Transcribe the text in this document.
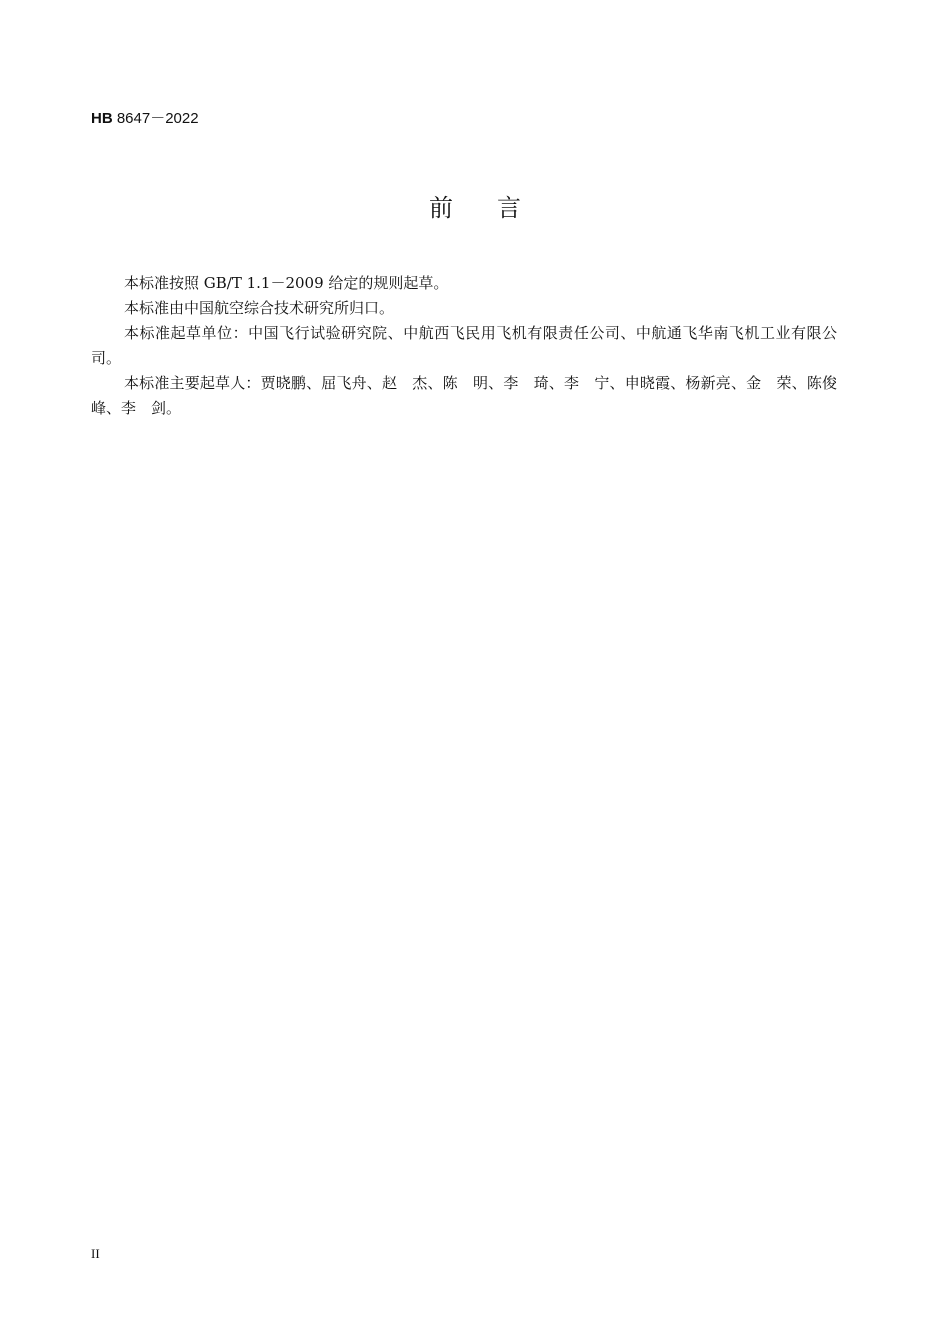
HB 8647－2022
前言

本标准按照 GB/T 1.1－2009 给定的规则起草。

本标准由中国航空综合技术研究所归口。

本标准起草单位：中国飞行试验研究院、中航西飞民用飞机有限责任公司、中航通飞华南飞机工业有限公司。

本标准主要起草人：贾晓鹏、屈飞舟、赵　杰、陈　明、李　琦、李　宁、申晓霞、杨新亮、金　荣、陈俊峰、李　剑。

II
